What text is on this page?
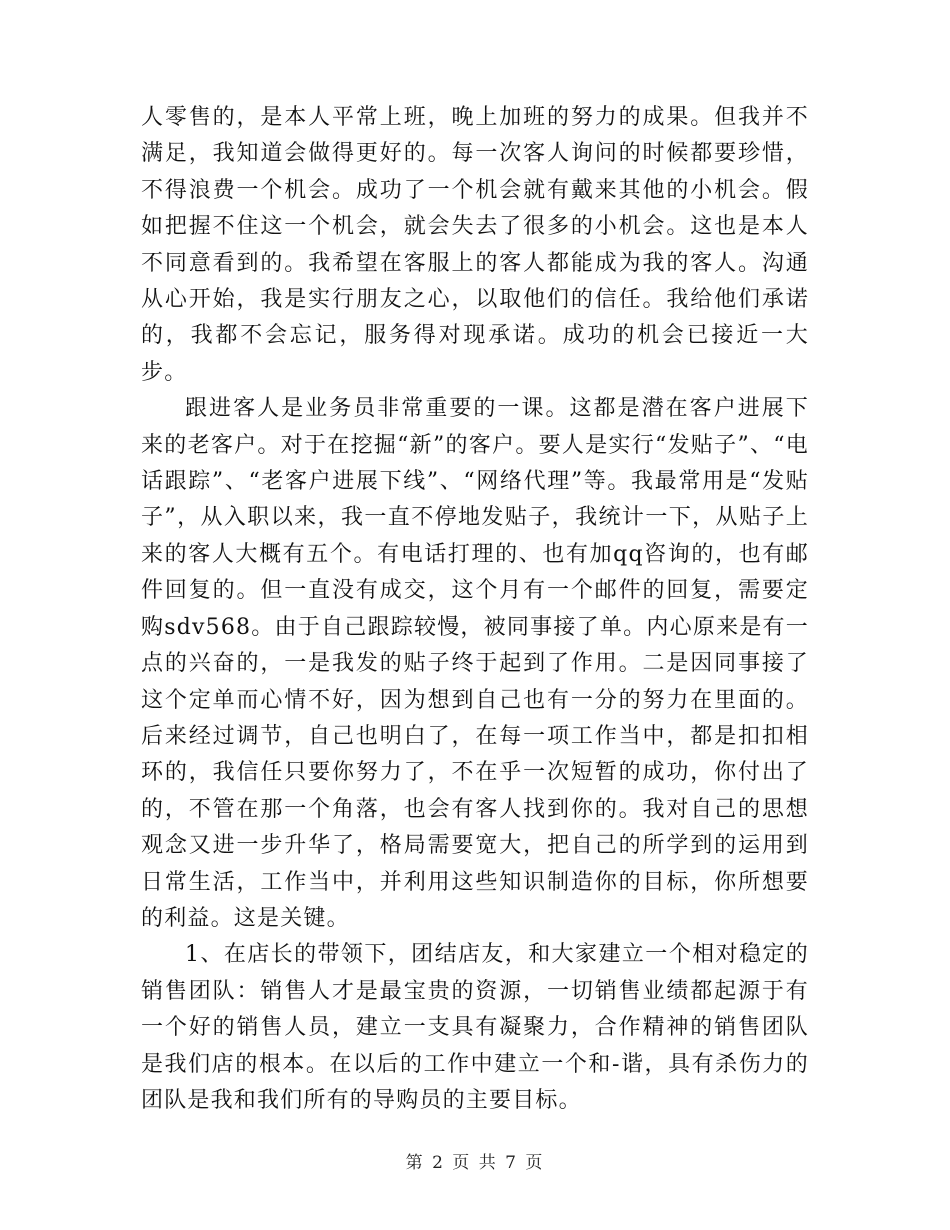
人零售的，是本人平常上班，晚上加班的努力的成果。但我并不满足，我知道会做得更好的。每一次客人询问的时候都要珍惜，不得浪费一个机会。成功了一个机会就有戴来其他的小机会。假如把握不住这一个机会，就会失去了很多的小机会。这也是本人不同意看到的。我希望在客服上的客人都能成为我的客人。沟通从心开始，我是实行朋友之心，以取他们的信任。我给他们承诺的，我都不会忘记，服务得对现承诺。成功的机会已接近一大步。

跟进客人是业务员非常重要的一课。这都是潜在客户进展下来的老客户。对于在挖掘“新”的客户。要人是实行“发贴子”、“电话跟踪”、“老客户进展下线”、“网络代理”等。我最常用是“发贴子”，从入职以来，我一直不停地发贴子，我统计一下，从贴子上来的客人大概有五个。有电话打理的、也有加qq咨询的，也有邮件回复的。但一直没有成交，这个月有一个邮件的回复，需要定购sdv568。由于自己跟踪较慢，被同事接了单。内心原来是有一点的兴奋的，一是我发的贴子终于起到了作用。二是因同事接了这个定单而心情不好，因为想到自己也有一分的努力在里面的。后来经过调节，自己也明白了，在每一项工作当中，都是扣扣相环的，我信任只要你努力了，不在乎一次短暂的成功，你付出了的，不管在那一个角落，也会有客人找到你的。我对自己的思想观念又进一步升华了，格局需要宽大，把自己的所学到的运用到日常生活，工作当中，并利用这些知识制造你的目标，你所想要的利益。这是关键。

1、在店长的带领下，团结店友，和大家建立一个相对稳定的销售团队：销售人才是最宝贵的资源，一切销售业绩都起源于有一个好的销售人员，建立一支具有凝聚力，合作精神的销售团队是我们店的根本。在以后的工作中建立一个和-谐，具有杀伤力的团队是我和我们所有的导购员的主要目标。

第 2 页 共 7 页
